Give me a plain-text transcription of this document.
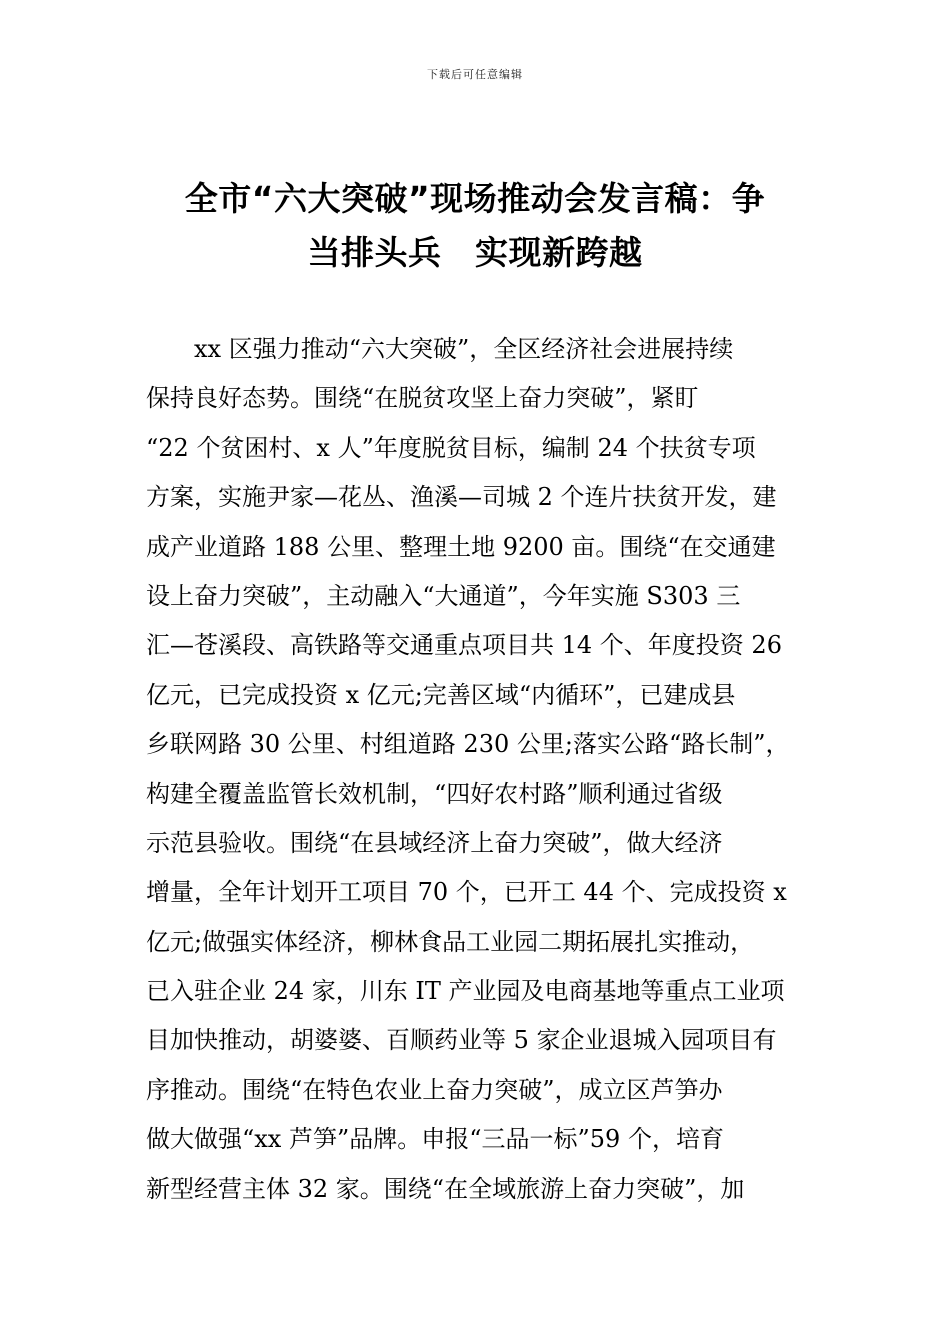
下载后可任意编辑
全市“六大突破”现场推动会发言稿：争
当排头兵　实现新跨越
xx 区强力推动“六大突破”，全区经济社会进展持续
保持良好态势。围绕“在脱贫攻坚上奋力突破”，紧盯
“22 个贫困村、x 人”年度脱贫目标，编制 24 个扶贫专项
方案，实施尹家—花丛、渔溪—司城 2 个连片扶贫开发，建
成产业道路 188 公里、整理土地 9200 亩。围绕“在交通建
设上奋力突破”，主动融入“大通道”，今年实施 S303 三
汇—苍溪段、高铁路等交通重点项目共 14 个、年度投资 26
亿元，已完成投资 x 亿元;完善区域“内循环”，已建成县
乡联网路 30 公里、村组道路 230 公里;落实公路“路长制”，
构建全覆盖监管长效机制，“四好农村路”顺利通过省级
示范县验收。围绕“在县域经济上奋力突破”，做大经济
增量，全年计划开工项目 70 个，已开工 44 个、完成投资 x
亿元;做强实体经济，柳林食品工业园二期拓展扎实推动，
已入驻企业 24 家，川东 IT 产业园及电商基地等重点工业项
目加快推动，胡婆婆、百顺药业等 5 家企业退城入园项目有
序推动。围绕“在特色农业上奋力突破”，成立区芦笋办
做大做强“xx 芦笋”品牌。申报“三品一标”59 个，培育
新型经营主体 32 家。围绕“在全域旅游上奋力突破”，加
